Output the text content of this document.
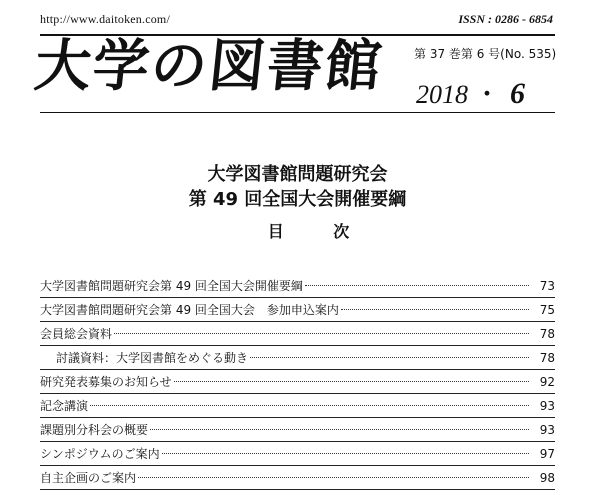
http://www.daitoken.com/	ISSN : 0286 - 6854
大学の図書館 第 37 巻第 6 号(No. 535)
2018 ・ 6
大学図書館問題研究会
第 49 回全国大会開催要綱
目 次
大学図書館問題研究会第 49 回全国大会開催要綱	73
大学図書館問題研究会第 49 回全国大会　参加申込案内	75
会員総会資料	78
討議資料：大学図書館をめぐる動き	78
研究発表募集のお知らせ	92
記念講演	93
課題別分科会の概要	93
シンポジウムのご案内	97
自主企画のご案内	98
